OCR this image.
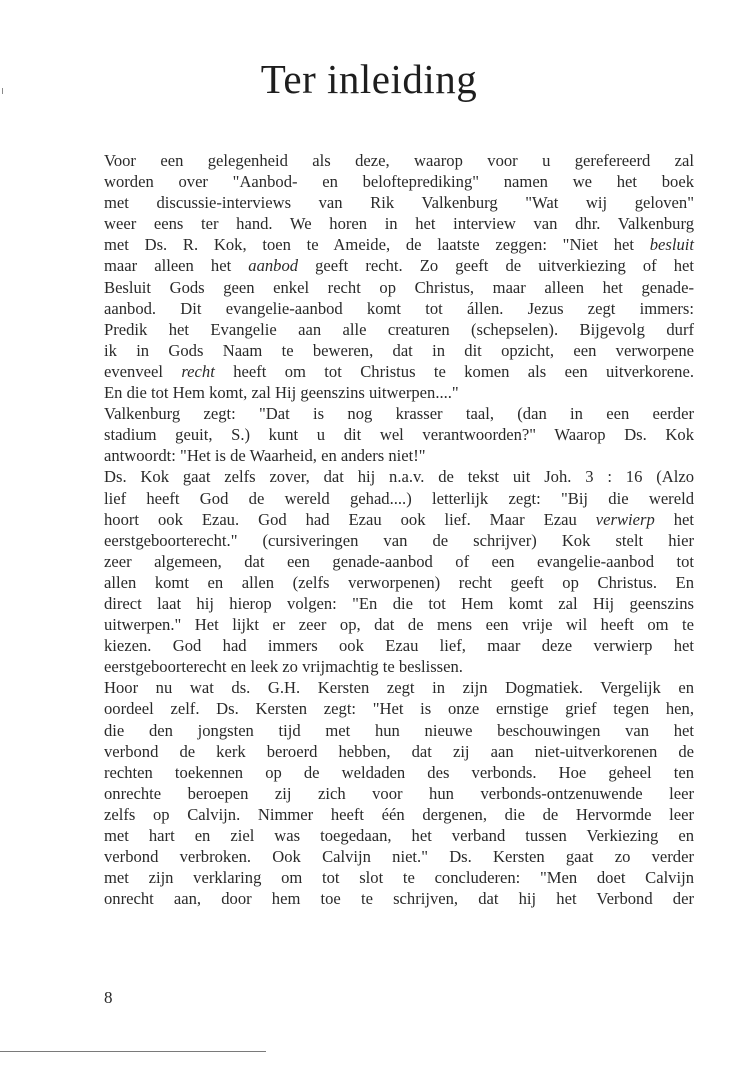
Ter inleiding
Voor een gelegenheid als deze, waarop voor u gerefereerd zal
worden over "Aanbod- en belofteprediking" namen we het boek
met discussie-interviews van Rik Valkenburg "Wat wij geloven"
weer eens ter hand. We horen in het interview van dhr. Valkenburg
met Ds. R. Kok, toen te Ameide, de laatste zeggen: "Niet het besluit
maar alleen het aanbod geeft recht. Zo geeft de uitverkiezing of het
Besluit Gods geen enkel recht op Christus, maar alleen het genade-
aanbod. Dit evangelie-aanbod komt tot állen. Jezus zegt immers:
Predik het Evangelie aan alle creaturen (schepselen). Bijgevolg durf
ik in Gods Naam te beweren, dat in dit opzicht, een verworpene
evenveel recht heeft om tot Christus te komen als een uitverkorene.
En die tot Hem komt, zal Hij geenszins uitwerpen...."
Valkenburg zegt: "Dat is nog krasser taal, (dan in een eerder
stadium geuit, S.) kunt u dit wel verantwoorden?" Waarop Ds. Kok
antwoordt: "Het is de Waarheid, en anders niet!"
Ds. Kok gaat zelfs zover, dat hij n.a.v. de tekst uit Joh. 3 : 16 (Alzo
lief heeft God de wereld gehad....) letterlijk zegt: "Bij die wereld
hoort ook Ezau. God had Ezau ook lief. Maar Ezau verwierp het
eerstgeboorterecht." (cursiveringen van de schrijver) Kok stelt hier
zeer algemeen, dat een genade-aanbod of een evangelie-aanbod tot
allen komt en allen (zelfs verworpenen) recht geeft op Christus. En
direct laat hij hierop volgen: "En die tot Hem komt zal Hij geenszins
uitwerpen." Het lijkt er zeer op, dat de mens een vrije wil heeft om te
kiezen. God had immers ook Ezau lief, maar deze verwierp het
eerstgeboorterecht en leek zo vrijmachtig te beslissen.
Hoor nu wat ds. G.H. Kersten zegt in zijn Dogmatiek. Vergelijk en
oordeel zelf. Ds. Kersten zegt: "Het is onze ernstige grief tegen hen,
die den jongsten tijd met hun nieuwe beschouwingen van het
verbond de kerk beroerd hebben, dat zij aan niet-uitverkorenen de
rechten toekennen op de weldaden des verbonds. Hoe geheel ten
onrechte beroepen zij zich voor hun verbonds-ontzenuwende leer
zelfs op Calvijn. Nimmer heeft één dergenen, die de Hervormde leer
met hart en ziel was toegedaan, het verband tussen Verkiezing en
verbond verbroken. Ook Calvijn niet." Ds. Kersten gaat zo verder
met zijn verklaring om tot slot te concluderen: "Men doet Calvijn
onrecht aan, door hem toe te schrijven, dat hij het Verbond der
8
